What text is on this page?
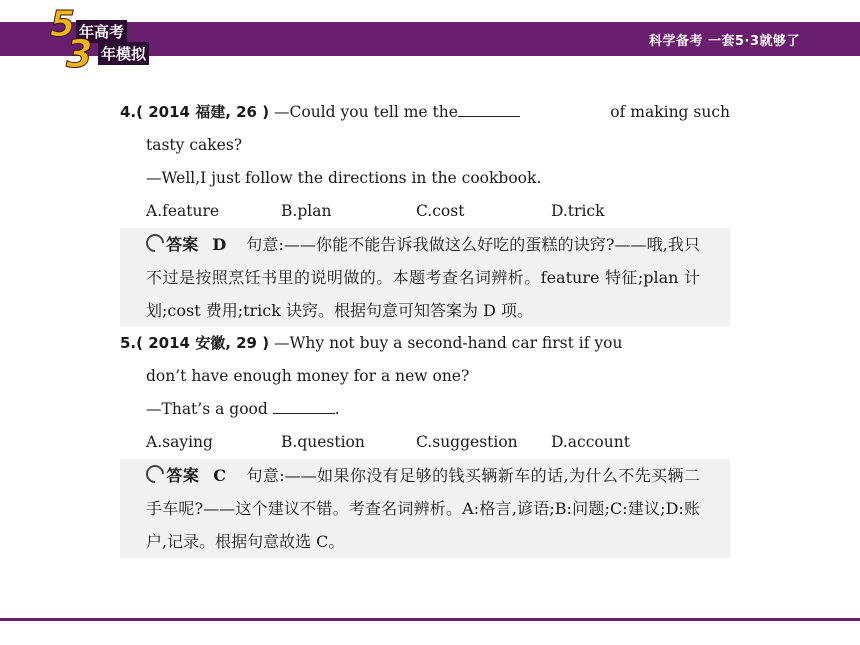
5 年高考
3 年模拟
科学备考 一套5·3就够了
4.( 2014 福建, 26 ) —Could you tell me the	of making such
tasty cakes?
—Well,I just follow the directions in the cookbook.
A.feature	B.plan	C.cost	D.trick
答案 D 句意:——你能不能告诉我做这么好吃的蛋糕的诀窍?——哦,我只不过是按照烹饪书里的说明做的。本题考查名词辨析。feature 特征;plan 计划;cost 费用;trick 诀窍。根据句意可知答案为 D 项。
5.( 2014 安徽, 29 ) —Why not buy a second-hand car first if you
don’t have enough money for a new one?
—That’s a good	.
A.saying	B.question	C.suggestion	D.account
答案 C 句意:——如果你没有足够的钱买辆新车的话,为什么不先买辆二手车呢?——这个建议不错。考查名词辨析。A:格言,谚语;B:问题;C:建议;D:账户,记录。根据句意故选 C。
